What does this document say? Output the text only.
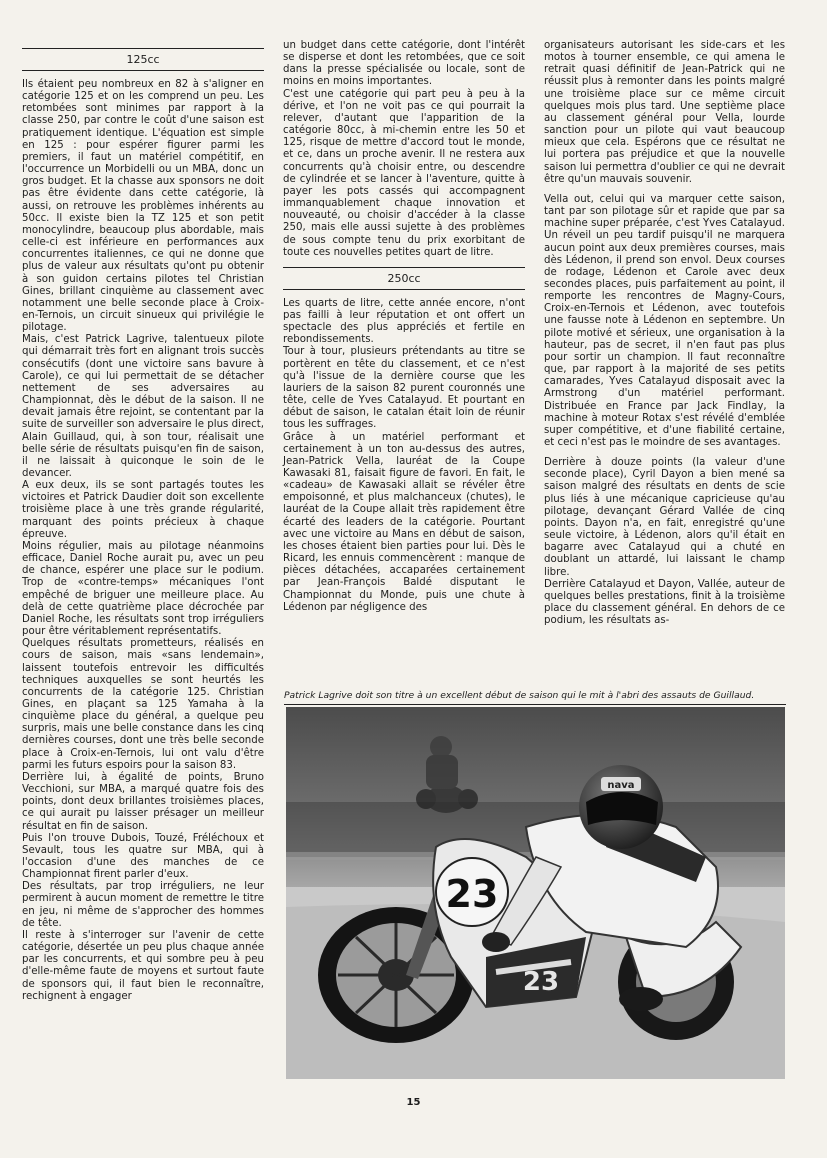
125cc

Ils étaient peu nombreux en 82 à s'aligner en catégorie 125 et on les comprend un peu. Les retombées sont minimes par rapport à la classe 250, par contre le coût d'une saison est pratiquement identique. L'équation est simple en 125 : pour espérer figurer parmi les premiers, il faut un matériel compétitif, en l'occurrence un Morbidelli ou un MBA, donc un gros budget. Et la chasse aux sponsors ne doit pas être évidente dans cette catégorie, là aussi, on retrouve les problèmes inhérents au 50cc. Il existe bien la TZ 125 et son petit monocylindre, beaucoup plus abordable, mais celle-ci est inférieure en performances aux concurrentes italiennes, ce qui ne donne que plus de valeur aux résultats qu'ont pu obtenir à son guidon certains pilotes tel Christian Gines, brillant cinquième au classement avec notamment une belle seconde place à Croix-en-Ternois, un circuit sinueux qui privilégie le pilotage.

Mais, c'est Patrick Lagrive, talentueux pilote qui démarrait très fort en alignant trois succès consécutifs (dont une victoire sans bavure à Carole), ce qui lui permettait de se détacher nettement de ses adversaires au Championnat, dès le début de la saison. Il ne devait jamais être rejoint, se contentant par la suite de surveiller son adversaire le plus direct, Alain Guillaud, qui, à son tour, réalisait une belle série de résultats puisqu'en fin de saison, il ne laissait à quiconque le soin de le devancer.

A eux deux, ils se sont partagés toutes les victoires et Patrick Daudier doit son excellente troisième place à une très grande régularité, marquant des points précieux à chaque épreuve.

Moins régulier, mais au pilotage néanmoins efficace, Daniel Roche aurait pu, avec un peu de chance, espérer une place sur le podium. Trop de «contre-temps» mécaniques l'ont empêché de briguer une meilleure place. Au delà de cette quatrième place décrochée par Daniel Roche, les résultats sont trop irréguliers pour être véritablement représentatifs.

Quelques résultats prometteurs, réalisés en cours de saison, mais «sans lendemain», laissent toutefois entrevoir les difficultés techniques auxquelles se sont heurtés les concurrents de la catégorie 125. Christian Gines, en plaçant sa 125 Yamaha à la cinquième place du général, a quelque peu surpris, mais une belle constance dans les cinq dernières courses, dont une très belle seconde place à Croix-en-Ternois, lui ont valu d'être parmi les futurs espoirs pour la saison 83.

Derrière lui, à égalité de points, Bruno Vecchioni, sur MBA, a marqué quatre fois des points, dont deux brillantes troisièmes places, ce qui aurait pu laisser présager un meilleur résultat en fin de saison.

Puis l'on trouve Dubois, Touzé, Fréléchoux et Sevault, tous les quatre sur MBA, qui à l'occasion d'une des manches de ce Championnat firent parler d'eux.

Des résultats, par trop irréguliers, ne leur permirent à aucun moment de remettre le titre en jeu, ni même de s'approcher des hommes de tête.

Il reste à s'interroger sur l'avenir de cette catégorie, désertée un peu plus chaque année par les concurrents, et qui sombre peu à peu d'elle-même faute de moyens et surtout faute de sponsors qui, il faut bien le reconnaître, rechignent à engager

un budget dans cette catégorie, dont l'intérêt se disperse et dont les retombées, que ce soit dans la presse spécialisée ou locale, sont de moins en moins importantes.

C'est une catégorie qui part peu à peu à la dérive, et l'on ne voit pas ce qui pourrait la relever, d'autant que l'apparition de la catégorie 80cc, à mi-chemin entre les 50 et 125, risque de mettre d'accord tout le monde, et ce, dans un proche avenir. Il ne restera aux concurrents qu'à choisir entre, ou descendre de cylindrée et se lancer à l'aventure, quitte à payer les pots cassés qui accompagnent immanquablement chaque innovation et nouveauté, ou choisir d'accéder à la classe 250, mais elle aussi sujette à des problèmes de sous compte tenu du prix exorbitant de toute ces nouvelles petites quart de litre.

250cc

Les quarts de litre, cette année encore, n'ont pas failli à leur réputation et ont offert un spectacle des plus appréciés et fertile en rebondissements.

Tour à tour, plusieurs prétendants au titre se portèrent en tête du classement, et ce n'est qu'à l'issue de la dernière course que les lauriers de la saison 82 purent couronnés une tête, celle de Yves Catalayud. Et pourtant en début de saison, le catalan était loin de réunir tous les suffrages.

Grâce à un matériel performant et certainement à un ton au-dessus des autres, Jean-Patrick Vella, lauréat de la Coupe Kawasaki 81, faisait figure de favori. En fait, le «cadeau» de Kawasaki allait se révéler être empoisonné, et plus malchanceux (chutes), le lauréat de la Coupe allait très rapidement être écarté des leaders de la catégorie. Pourtant avec une victoire au Mans en début de saison, les choses étaient bien parties pour lui. Dès le Ricard, les ennuis commencèrent : manque de pièces détachées, accaparées certainement par Jean-François Baldé disputant le Championnat du Monde, puis une chute à Lédenon par négligence des

organisateurs autorisant les side-cars et les motos à tourner ensemble, ce qui amena le retrait quasi définitif de Jean-Patrick qui ne réussit plus à remonter dans les points malgré une troisième place sur ce même circuit quelques mois plus tard. Une septième place au classement général pour Vella, lourde sanction pour un pilote qui vaut beaucoup mieux que cela. Espérons que ce résultat ne lui portera pas préjudice et que la nouvelle saison lui permettra d'oublier ce qui ne devrait être qu'un mauvais souvenir.

Vella out, celui qui va marquer cette saison, tant par son pilotage sûr et rapide que par sa machine super préparée, c'est Yves Catalayud. Un réveil un peu tardif puisqu'il ne marquera aucun point aux deux premières courses, mais dès Lédenon, il prend son envol. Deux courses de rodage, Lédenon et Carole avec deux secondes places, puis parfaitement au point, il remporte les rencontres de Magny-Cours, Croix-en-Ternois et Lédenon, avec toutefois une fausse note à Lédenon en septembre. Un pilote motivé et sérieux, une organisation à la hauteur, pas de secret, il n'en faut pas plus pour sortir un champion. Il faut reconnaître que, par rapport à la majorité de ses petits camarades, Yves Catalayud disposait avec la Armstrong d'un matériel performant. Distribuée en France par Jack Findlay, la machine à moteur Rotax s'est révélé d'emblée super compétitive, et d'une fiabilité certaine, et ceci n'est pas le moindre de ses avantages.

Derrière à douze points (la valeur d'une seconde place), Cyril Dayon a bien mené sa saison malgré des résultats en dents de scie plus liés à une mécanique capricieuse qu'au pilotage, devançant Gérard Vallée de cinq points. Dayon n'a, en fait, enregistré qu'une seule victoire, à Lédenon, alors qu'il était en bagarre avec Catalayud qui a chuté en doublant un attardé, lui laissant le champ libre.

Derrière Catalayud et Dayon, Vallée, auteur de quelques belles prestations, finit à la troisième place du classement général. En dehors de ce podium, les résultats as-

Patrick Lagrive doit son titre à un excellent début de saison qui le mit à l'abri des assauts de Guillaud.
23
23
nava
15
